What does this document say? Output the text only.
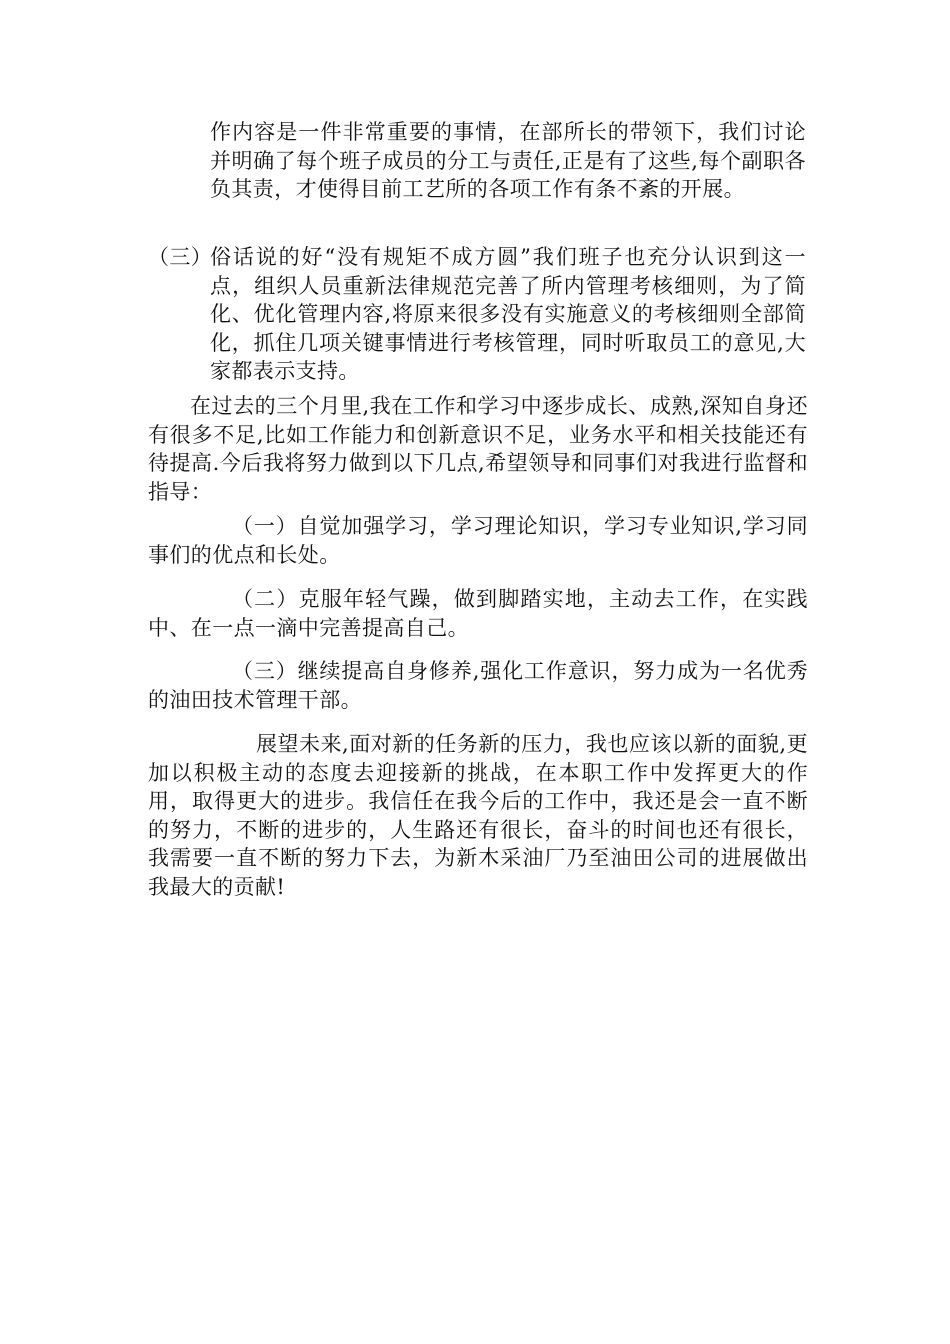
作内容是一件非常重要的事情，在部所长的带领下，我们讨论并明确了每个班子成员的分工与责任,正是有了这些,每个副职各负其责，才使得目前工艺所的各项工作有条不紊的开展。

（三）

俗话说的好“没有规矩不成方圆”我们班子也充分认识到这一点，组织人员重新法律规范完善了所内管理考核细则，为了简化、优化管理内容,将原来很多没有实施意义的考核细则全部简化，抓住几项关键事情进行考核管理，同时听取员工的意见,大家都表示支持。

在过去的三个月里,我在工作和学习中逐步成长、成熟,深知自身还有很多不足,比如工作能力和创新意识不足，业务水平和相关技能还有待提高.今后我将努力做到以下几点,希望领导和同事们对我进行监督和指导：

（一）自觉加强学习，学习理论知识，学习专业知识,学习同事们的优点和长处。

（二）克服年轻气躁，做到脚踏实地，主动去工作，在实践中、在一点一滴中完善提高自己。

（三）继续提高自身修养,强化工作意识，努力成为一名优秀的油田技术管理干部。

展望未来,面对新的任务新的压力，我也应该以新的面貌,更加以积极主动的态度去迎接新的挑战，在本职工作中发挥更大的作用，取得更大的进步。我信任在我今后的工作中，我还是会一直不断的努力，不断的进步的，人生路还有很长，奋斗的时间也还有很长，我需要一直不断的努力下去，为新木采油厂乃至油田公司的进展做出我最大的贡献!
